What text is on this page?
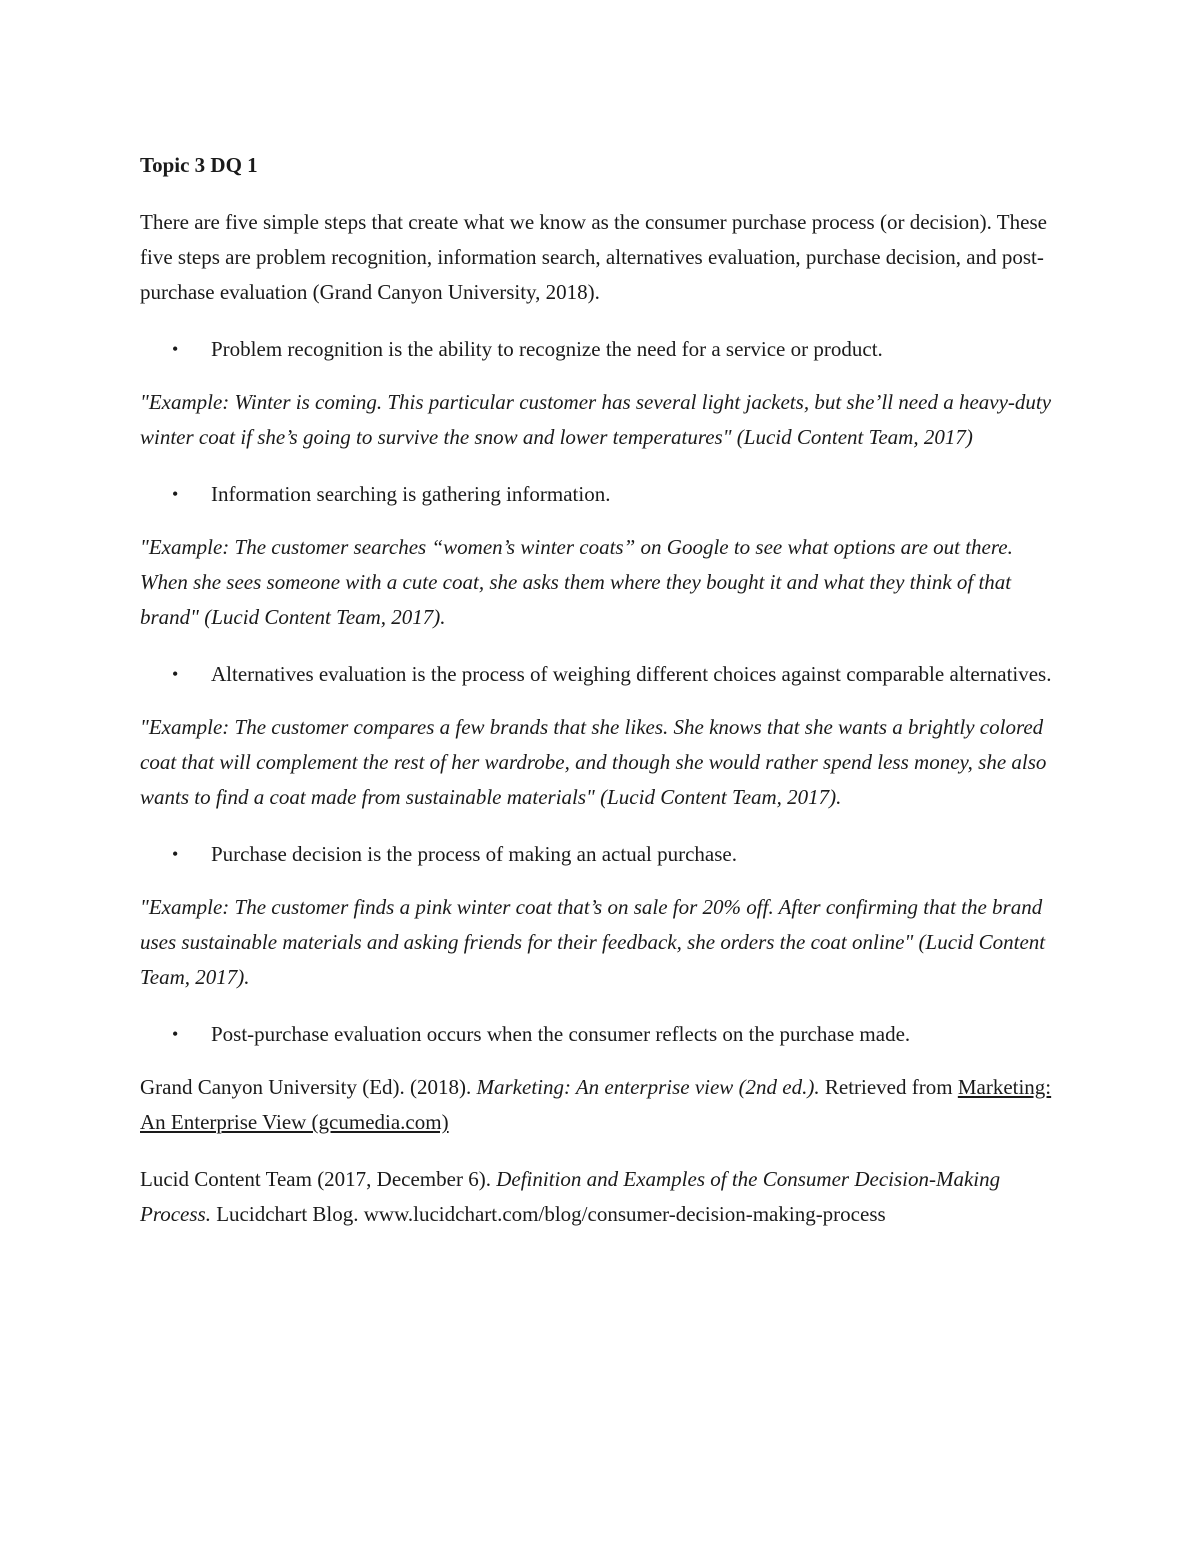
Topic 3 DQ 1

There are five simple steps that create what we know as the consumer purchase process (or decision). These five steps are problem recognition, information search, alternatives evaluation, purchase decision, and post-purchase evaluation (Grand Canyon University, 2018).

• Problem recognition is the ability to recognize the need for a service or product.

"Example: Winter is coming. This particular customer has several light jackets, but she’ll need a heavy-duty winter coat if she’s going to survive the snow and lower temperatures" (Lucid Content Team, 2017)

• Information searching is gathering information.

"Example: The customer searches “women’s winter coats” on Google to see what options are out there. When she sees someone with a cute coat, she asks them where they bought it and what they think of that brand" (Lucid Content Team, 2017).

• Alternatives evaluation is the process of weighing different choices against comparable alternatives.

"Example: The customer compares a few brands that she likes. She knows that she wants a brightly colored coat that will complement the rest of her wardrobe, and though she would rather spend less money, she also wants to find a coat made from sustainable materials" (Lucid Content Team, 2017).

• Purchase decision is the process of making an actual purchase.

"Example: The customer finds a pink winter coat that’s on sale for 20% off. After confirming that the brand uses sustainable materials and asking friends for their feedback, she orders the coat online" (Lucid Content Team, 2017).

• Post-purchase evaluation occurs when the consumer reflects on the purchase made.

Grand Canyon University (Ed). (2018). Marketing: An enterprise view (2nd ed.). Retrieved from Marketing: An Enterprise View (gcumedia.com)

Lucid Content Team (2017, December 6). Definition and Examples of the Consumer Decision-Making Process. Lucidchart Blog. www.lucidchart.com/blog/consumer-decision-making-process
